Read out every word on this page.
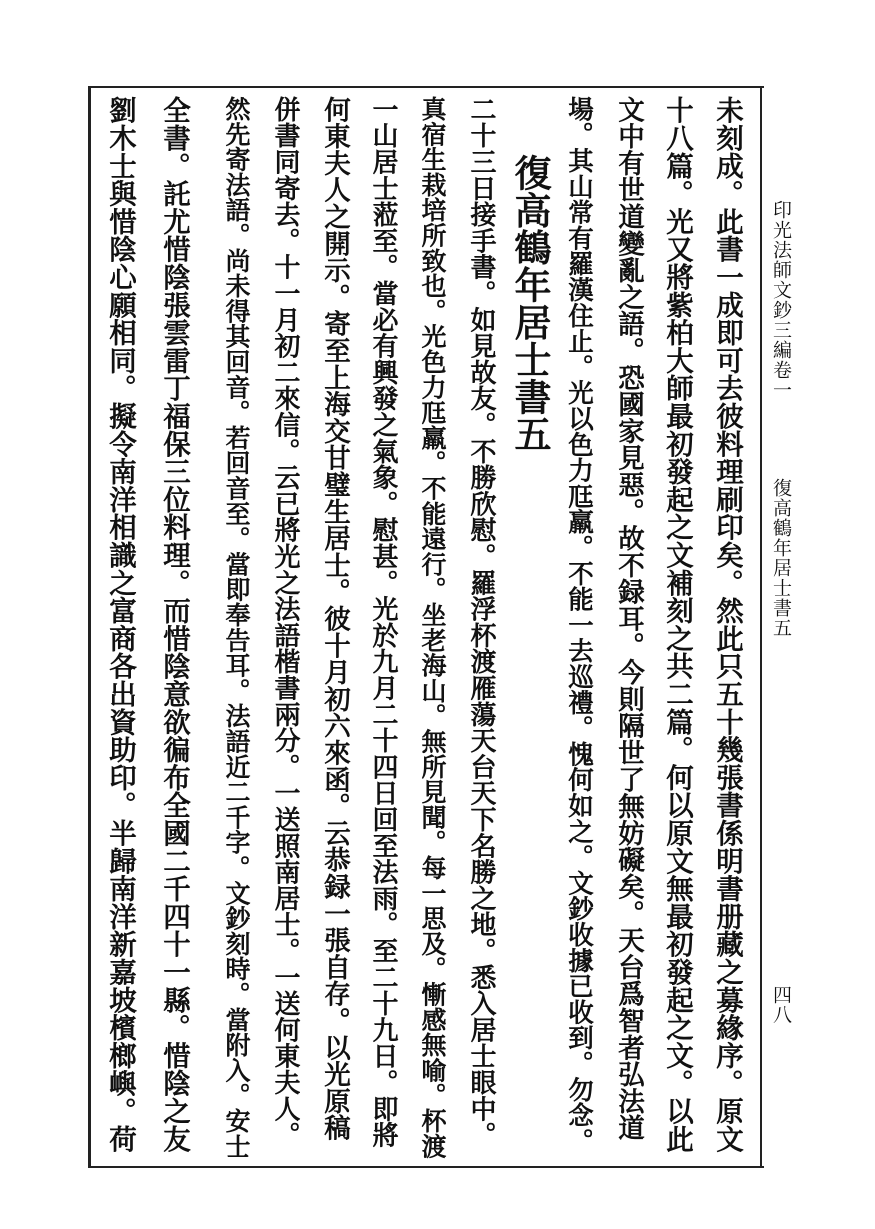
印光法師文鈔三編卷一
復高鶴年居士書五
四八
未刻成。此書一成即可去彼料理刷印矣。然此只五十幾張書係明書册藏之募緣序。原文
十八篇。光又將紫柏大師最初發起之文補刻之共二篇。何以原文無最初發起之文。以此
文中有世道變亂之語。恐國家見惡。故不録耳。今則隔世了無妨礙矣。天台爲智者弘法道
場。其山常有羅漢住止。光以色力尫羸。不能一去巡禮。愧何如之。文鈔收據已收到。勿念。
復高鶴年居士書五
二十三日接手書。如見故友。不勝欣慰。羅浮杯渡雁蕩天台天下名勝之地。悉入居士眼中。
真宿生栽培所致也。光色力尫羸。不能遠行。坐老海山。無所見聞。每一思及。慚感無喻。杯渡
一山居士蒞至。當必有興發之氣象。慰甚。光於九月二十四日回至法雨。至二十九日。即將
何東夫人之開示。寄至上海交甘璧生居士。彼十月初六來函。云恭録一張自存。以光原稿
併書同寄去。十一月初二來信。云已將光之法語楷書兩分。一送照南居士。一送何東夫人。
然先寄法語。尚未得其回音。若回音至。當即奉告耳。法語近二千字。文鈔刻時。當附入。安士
全書。託尤惜陰張雲雷丁福保三位料理。而惜陰意欲徧布全國二千四十一縣。惜陰之友
劉木士與惜陰心願相同。擬令南洋相識之富商各出資助印。半歸南洋新嘉坡檳榔嶼。荷
